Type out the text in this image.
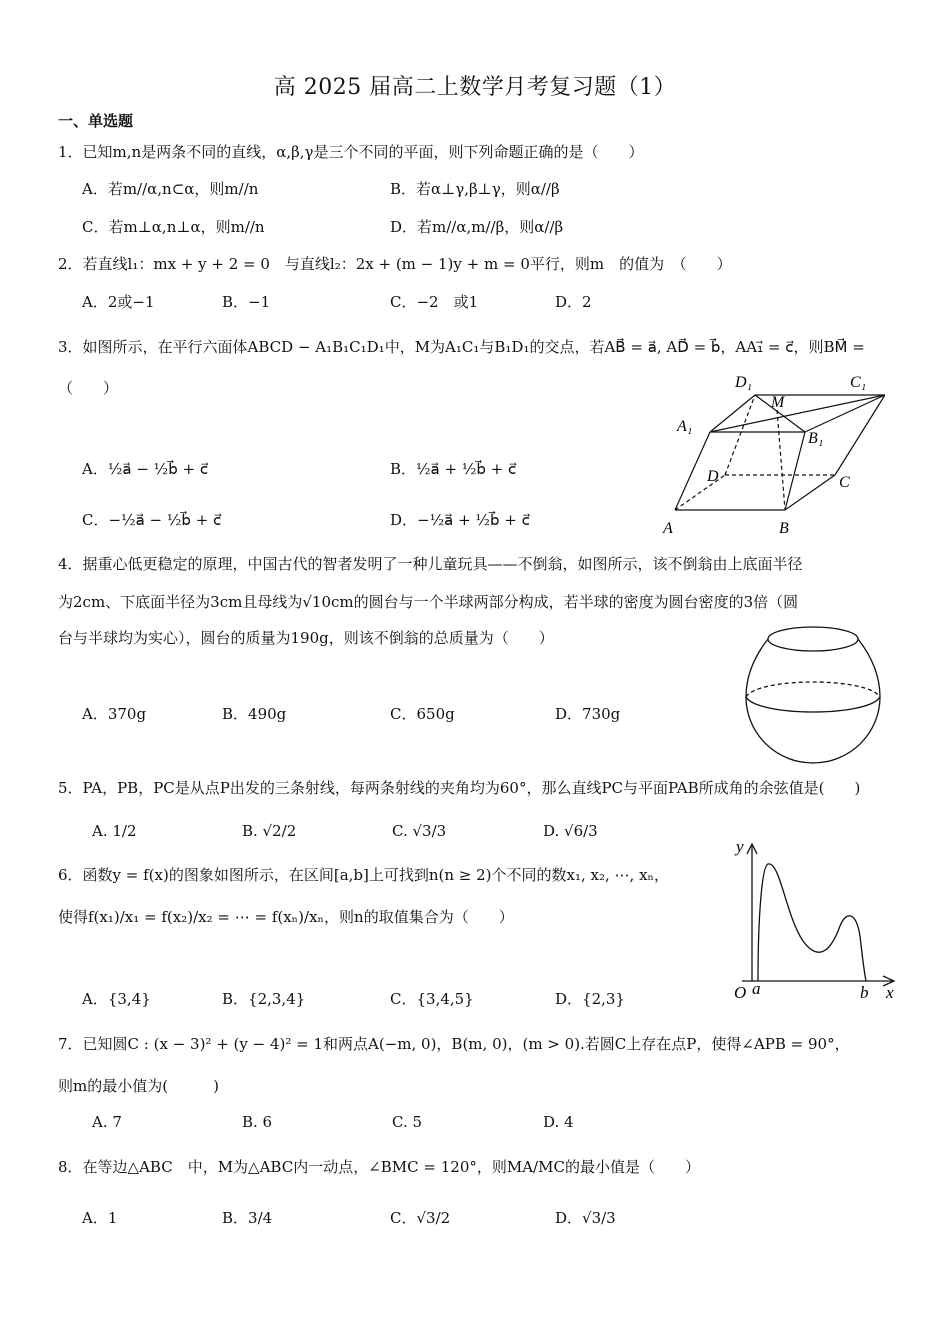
高 2025 届高二上数学月考复习题（1）
一、单选题
1．已知m,n是两条不同的直线，α,β,γ是三个不同的平面，则下列命题正确的是（　　）
A．若m//α,n⊂α，则m//n	B．若α⊥γ,β⊥γ，则α//β
C．若m⊥α,n⊥α，则m//n	D．若m//α,m//β，则α//β
2．若直线l₁：mx + y + 2 = 0　与直线l₂：2x + (m − 1)y + m = 0平行，则m　的值为　（　　）
A．2或−1	B．−1	C．−2　或1	D．2
3．如图所示，在平行六面体ABCD − A₁B₁C₁D₁中，M为A₁C₁与B₁D₁的交点，若AB⃗ = a⃗, AD⃗ = b⃗，AA₁⃗ = c⃗，则BM⃗ =
（　　）
A．½a⃗ − ½b⃗ + c⃗	B．½a⃗ + ½b⃗ + c⃗
C．−½a⃗ − ½b⃗ + c⃗	D．−½a⃗ + ½b⃗ + c⃗
D₁	C₁
M
A₁
B₁
D	C
A	B
4．据重心低更稳定的原理，中国古代的智者发明了一种儿童玩具——不倒翁，如图所示，该不倒翁由上底面半径
为2cm、下底面半径为3cm且母线为√10cm的圆台与一个半球两部分构成，若半球的密度为圆台密度的3倍（圆
台与半球均为实心），圆台的质量为190g，则该不倒翁的总质量为（　　）
A．370g	B．490g	C．650g	D．730g
5．PA，PB，PC是从点P出发的三条射线，每两条射线的夹角均为60°，那么直线PC与平面PAB所成角的余弦值是(　　)
A. 1/2	B. √2/2	C. √3/3	D. √6/3
6．函数y = f(x)的图象如图所示，在区间[a,b]上可找到n(n ≥ 2)个不同的数x₁, x₂, ⋯, xₙ，
使得f(x₁)/x₁ = f(x₂)/x₂ = ⋯ = f(xₙ)/xₙ，则n的取值集合为（　　）
A．{3,4}	B．{2,3,4}	C．{3,4,5}	D．{2,3}
y
O a	b x
7．已知圆C : (x − 3)² + (y − 4)² = 1和两点A(−m, 0)，B(m, 0)，(m > 0).若圆C上存在点P，使得∠APB = 90°，
则m的最小值为(　　　)
A. 7	B. 6	C. 5	D. 4
8．在等边△ABC　中，M为△ABC内一动点，∠BMC = 120°，则MA/MC的最小值是（　　）
A．1	B．3/4	C．√3/2	D．√3/3
